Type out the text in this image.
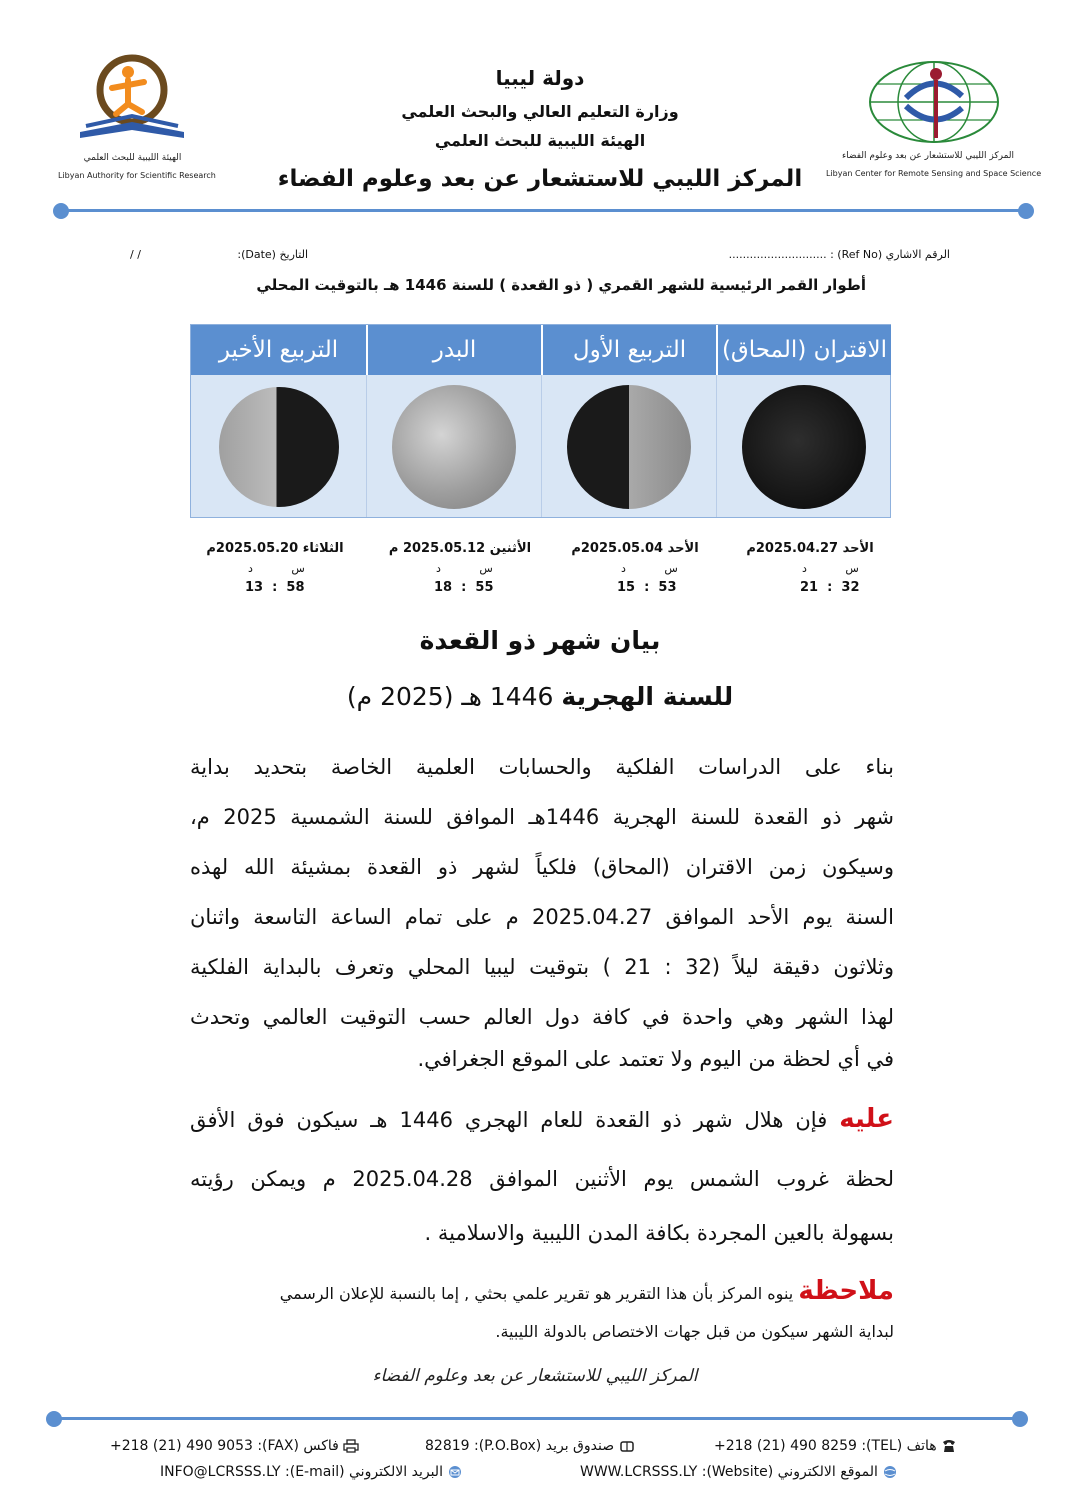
الهيئة الليبية للبحث العلمي
Libyan Authority for Scientific Research
المركز الليبي للاستشعار عن بعد وعلوم الفضاء
Libyan Center for Remote Sensing and Space Science
دولة ليبيا
وزارة التعليم العالي والبحث العلمي
الهيئة الليبية للبحث العلمي
المركز الليبي للاستشعار عن بعد وعلوم الفضاء
الرقم الاشاري (Ref No) : ............................
التاريخ (Date):
/ /
أطوار القمر الرئيسية للشهر القمري ( ذو القعدة ) للسنة 1446 هـ بالتوقيت المحلي
الاقتران (المحاق)
التربيع الأول
البدر
التربيع الأخير
الأحد 2025.04.27م
س           د
21 : 32
الأحد 2025.05.04م
س           د
15 : 53
الأثنين 2025.05.12 م
س           د
18 : 55
الثلاثاء 2025.05.20م
س           د
13 : 58
بيان شهر ذو القعدة
للسنة الهجرية 1446 هـ (2025 م)
بناء على الدراسات الفلكية والحسابات العلمية الخاصة بتحديد بداية
شهر ذو القعدة للسنة الهجرية 1446هـ الموافق للسنة الشمسية 2025 م،
وسيكون زمن الاقتران (المحاق) فلكياً لشهر ذو القعدة بمشيئة الله لهذه
السنة يوم الأحد الموافق 2025.04.27 م على تمام الساعة التاسعة واثنان
وثلاثون دقيقة ليلاً (32 : 21 ) بتوقيت ليبيا المحلي وتعرف بالبداية الفلكية
لهذا الشهر وهي واحدة في كافة دول العالم حسب التوقيت العالمي وتحدث
في أي لحظة من اليوم ولا تعتمد على الموقع الجغرافي.
عليه فإن هلال شهر ذو القعدة للعام الهجري 1446 هـ سيكون فوق الأفق
لحظة غروب الشمس يوم الأثنين الموافق 2025.04.28 م ويمكن رؤيته
بسهولة بالعين المجردة بكافة المدن الليبية والاسلامية .
ملاحظة ينوه المركز بأن هذا التقرير هو تقرير علمي بحثي , إما بالنسبة للإعلان الرسمي
لبداية الشهر سيكون من قبل جهات الاختصاص بالدولة الليبية.
المركز الليبي للاستشعار عن بعد وعلوم الفضاء
+218 (21) 490 8259 :(TEL) هاتف
82819 :(P.O.Box) صندوق بريد
+218 (21) 490 9053 :(FAX) فاكس
WWW.LCRSSS.LY :(Website) الموقع الالكتروني
INFO@LCRSSS.LY :(E-mail) البريد الالكتروني
